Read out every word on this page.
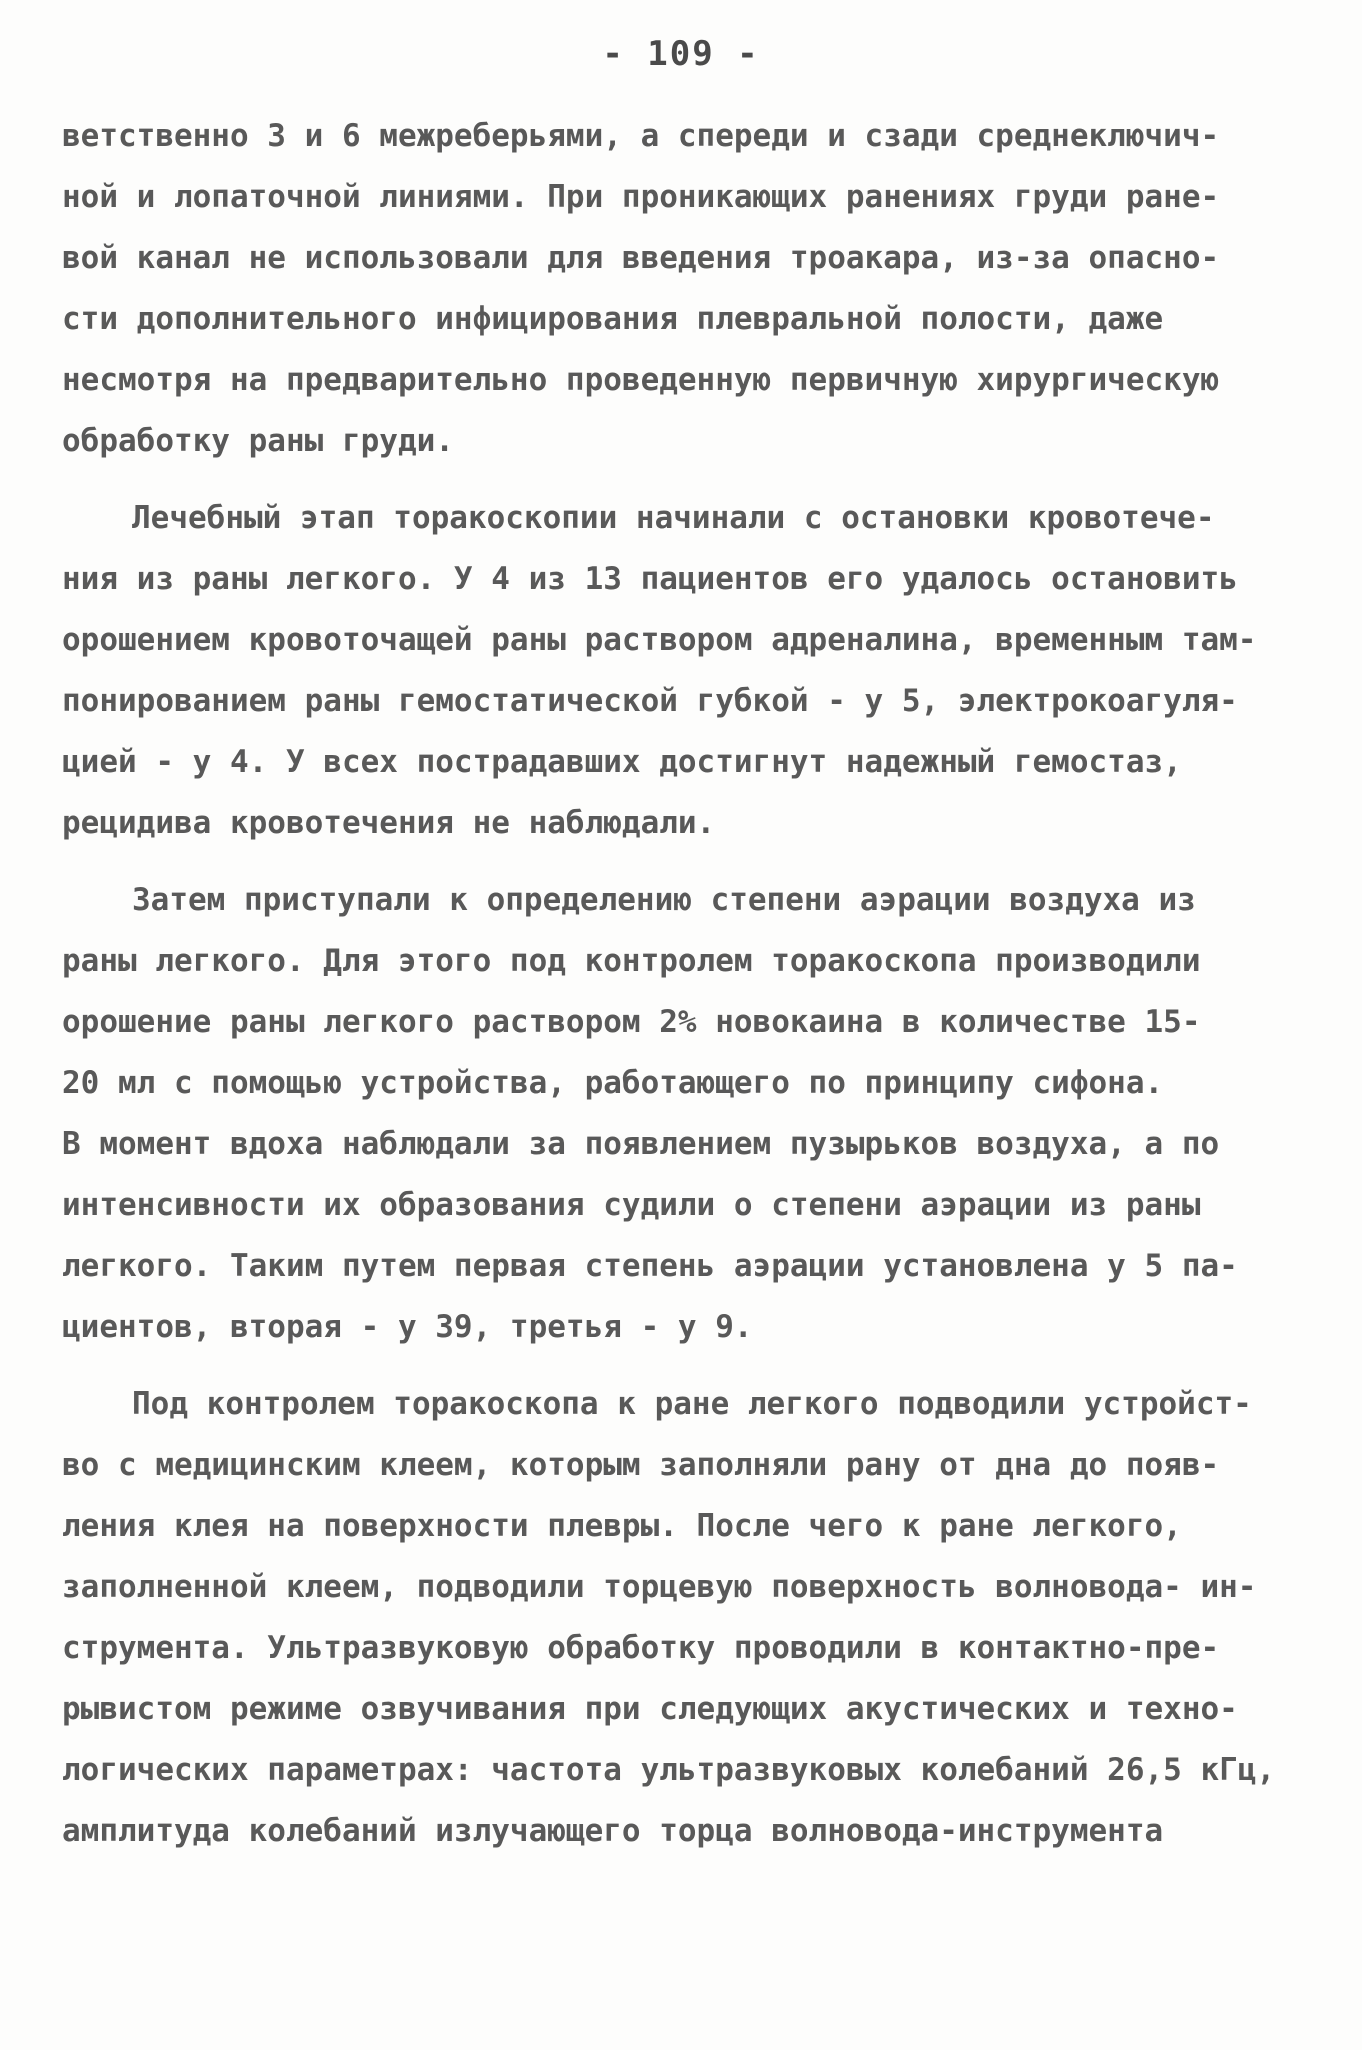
- 109 -
ветственно 3 и 6 межреберьями, а спереди и сзади среднеключич-
ной и лопаточной линиями. При проникающих ранениях груди ране-
вой канал не использовали для введения троакара, из-за опасно-
сти дополнительного инфицирования плевральной полости, даже
несмотря на предварительно проведенную первичную хирургическую
обработку раны груди.
Лечебный этап торакоскопии начинали с остановки кровотече-
ния из раны легкого. У 4 из 13 пациентов его удалось остановить
орошением кровоточащей раны раствором адреналина, временным там-
понированием раны гемостатической губкой - у 5, электрокоагуля-
цией - у 4. У всех пострадавших достигнут надежный гемостаз,
рецидива кровотечения не наблюдали.
Затем приступали к определению степени аэрации воздуха из
раны легкого. Для этого под контролем торакоскопа производили
орошение раны легкого раствором 2% новокаина в количестве 15-
20 мл с помощью устройства, работающего по принципу сифона.
В момент вдоха наблюдали за появлением пузырьков воздуха, а по
интенсивности их образования судили о степени аэрации из раны
легкого. Таким путем первая степень аэрации установлена у 5 па-
циентов, вторая - у 39, третья - у 9.
Под контролем торакоскопа к ране легкого подводили устройст-
во с медицинским клеем, которым заполняли рану от дна до появ-
ления клея на поверхности плевры. После чего к ране легкого,
заполненной клеем, подводили торцевую поверхность волновода- ин-
струмента. Ультразвуковую обработку проводили в контактно-пре-
рывистом режиме озвучивания при следующих акустических и техно-
логических параметрах: частота ультразвуковых колебаний 26,5 кГц,
амплитуда колебаний излучающего торца волновода-инструмента
